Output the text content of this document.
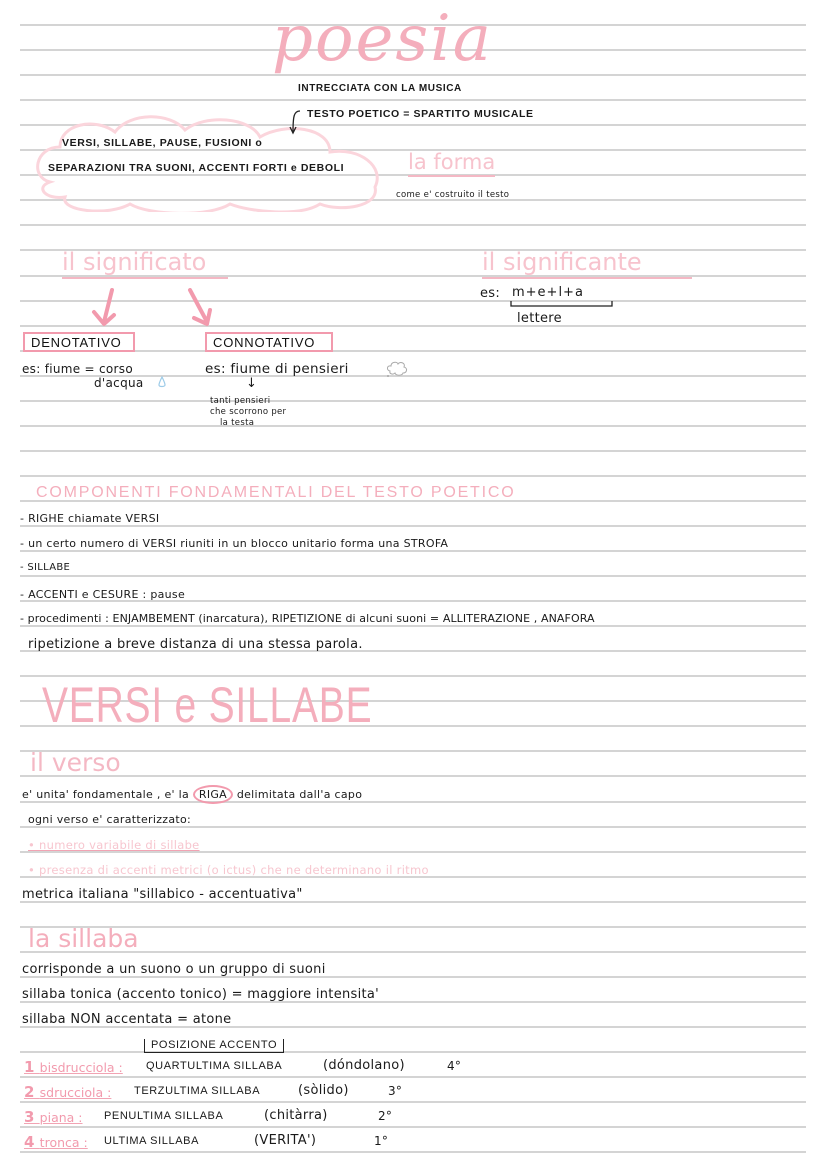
poesia
INTRECCIATA CON LA MUSICA
TESTO POETICO = SPARTITO MUSICALE
VERSI, SILLABE, PAUSE, FUSIONI o
SEPARAZIONI TRA SUONI, ACCENTI FORTI e DEBOLI	la forma
come e' costruito il testo
il significato
DENOTATIVO
es: fiume = corso
d'acqua
CONNOTATIVO
es: fiume di pensieri
↓
tanti pensieri
che scorrono per
la testa
il significante
es: m+e+l+a
lettere
COMPONENTI FONDAMENTALI DEL TESTO POETICO
- RIGHE chiamate VERSI
- un certo numero di VERSI riuniti in un blocco unitario forma una STROFA
- SILLABE
- ACCENTI e CESURE : pause
- procedimenti : ENJAMBEMENT (inarcatura), RIPETIZIONE di alcuni suoni = ALLITERAZIONE , ANAFORA
ripetizione a breve distanza di una stessa parola.
VERSI e SILLABE
il verso
e' unita' fondamentale , e' la RIGA delimitata dall'a capo
ogni verso e' caratterizzato:
• numero variabile di sillabe
• presenza di accenti metrici (o ictus) che ne determinano il ritmo
metrica italiana "sillabico - accentuativa"
la sillaba
corrisponde a un suono o un gruppo di suoni
sillaba tonica (accento tonico) = maggiore intensita'
sillaba NON accentata = atone
POSIZIONE ACCENTO
1 bisdrucciola : QUARTULTIMA SILLABA	(dóndolano)	4°
2 sdrucciola : TERZULTIMA SILLABA	(sòlido)	3°
3 piana : PENULTIMA SILLABA	(chitàrra)	2°
4 tronca : ULTIMA SILLABA	(VERITA')	1°
